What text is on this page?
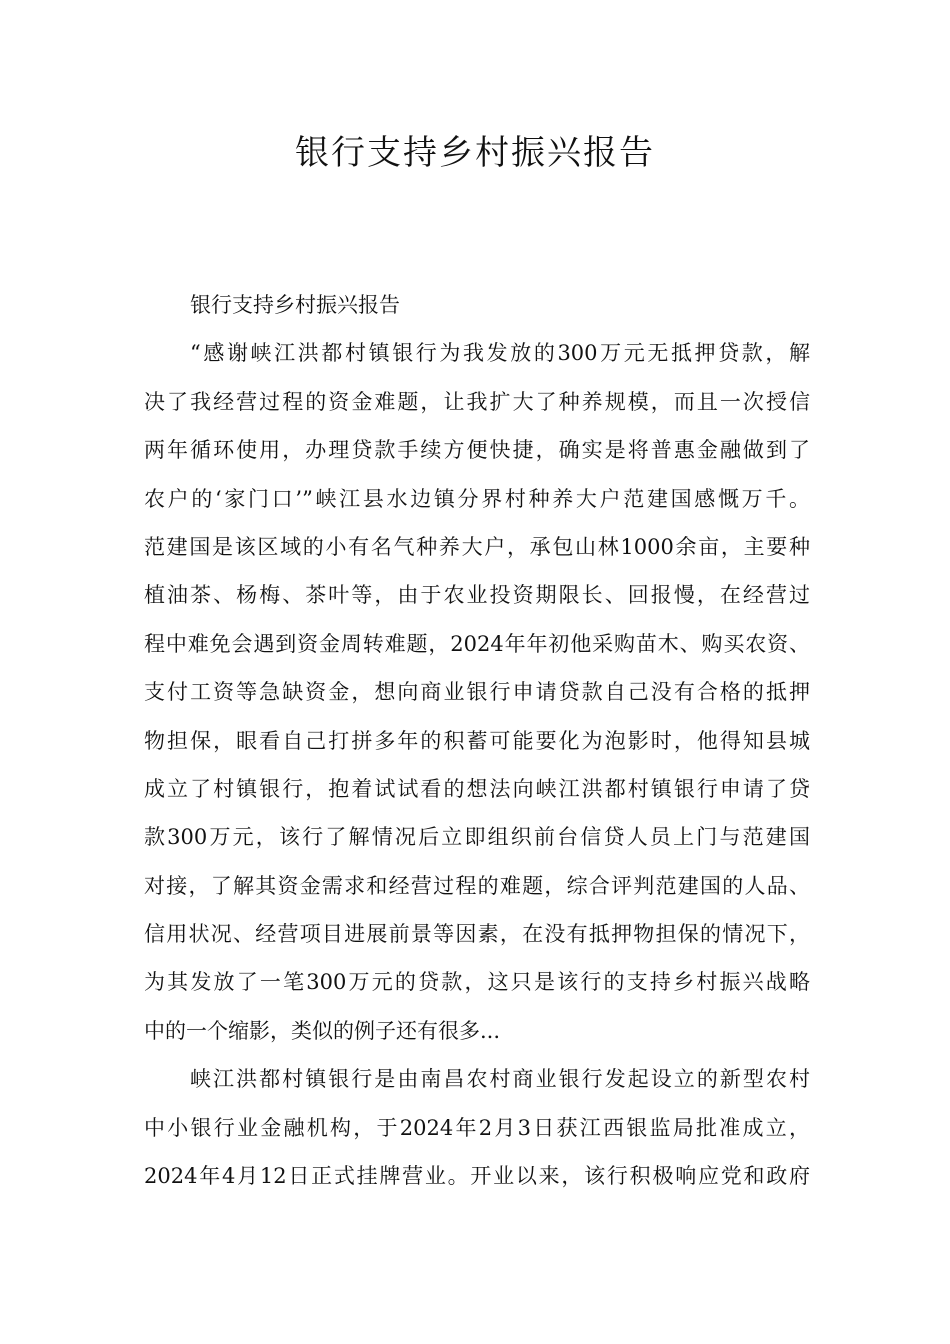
银行支持乡村振兴报告
银行支持乡村振兴报告
“感谢峡江洪都村镇银行为我发放的300万元无抵押贷款，解
决了我经营过程的资金难题，让我扩大了种养规模，而且一次授信
两年循环使用，办理贷款手续方便快捷，确实是将普惠金融做到了
农户的‘家门口’”峡江县水边镇分界村种养大户范建国感慨万千。
范建国是该区域的小有名气种养大户，承包山林1000余亩，主要种
植油茶、杨梅、茶叶等，由于农业投资期限长、回报慢，在经营过
程中难免会遇到资金周转难题，2024年年初他采购苗木、购买农资、
支付工资等急缺资金，想向商业银行申请贷款自己没有合格的抵押
物担保，眼看自己打拼多年的积蓄可能要化为泡影时，他得知县城
成立了村镇银行，抱着试试看的想法向峡江洪都村镇银行申请了贷
款300万元，该行了解情况后立即组织前台信贷人员上门与范建国
对接，了解其资金需求和经营过程的难题，综合评判范建国的人品、
信用状况、经营项目进展前景等因素，在没有抵押物担保的情况下，
为其发放了一笔300万元的贷款，这只是该行的支持乡村振兴战略
中的一个缩影，类似的例子还有很多...
峡江洪都村镇银行是由南昌农村商业银行发起设立的新型农村
中小银行业金融机构，于2024年2月3日获江西银监局批准成立，
2024年4月12日正式挂牌营业。开业以来，该行积极响应党和政府
